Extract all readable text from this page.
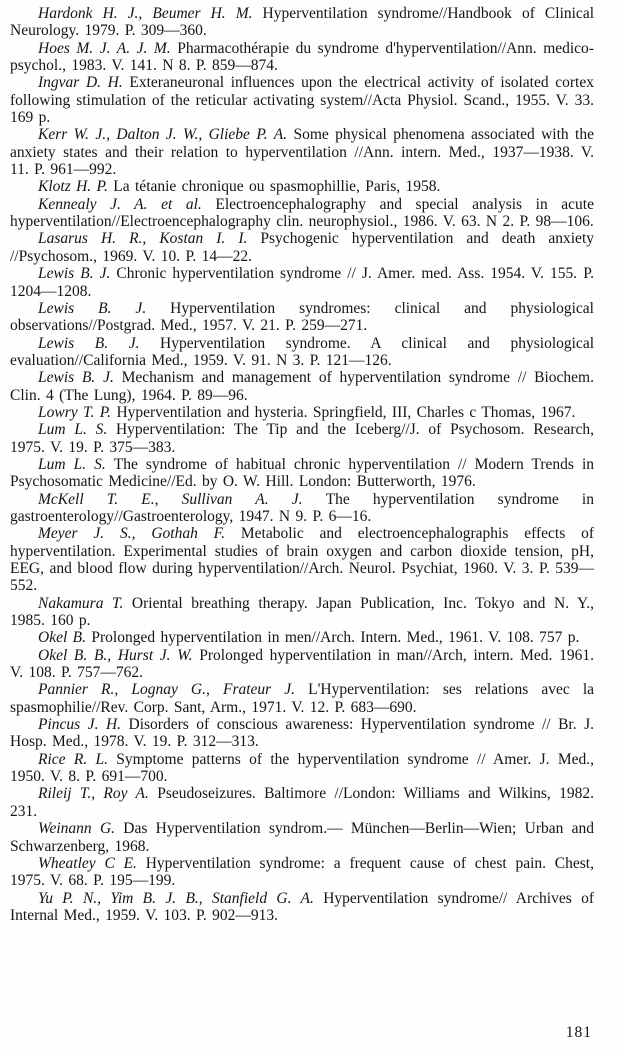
Hardonk H. J., Beumer H. M. Hyperventilation syndrome//Handbook of Clinical Neurology. 1979. P. 309—360.

Hoes M. J. A. J. M. Pharmacothérapie du syndrome d'hyperventilation//Ann. medico-psychol., 1983. V. 141. N 8. P. 859—874.

Ingvar D. H. Exteraneuronal influences upon the electrical activity of isolated cortex following stimulation of the reticular activating system//Acta Physiol. Scand., 1955. V. 33. 169 p.

Kerr W. J., Dalton J. W., Gliebe P. A. Some physical phenomena associated with the anxiety states and their relation to hyperventilation //Ann. intern. Med., 1937—1938. V. 11. P. 961—992.

Klotz H. P. La tétanie chronique ou spasmophillie, Paris, 1958.

Kennealy J. A. et al. Electroencephalography and special analysis in acute hyperventilation//Electroencephalography clin. neurophysiol., 1986. V. 63. N 2. P. 98—106.

Lasarus H. R., Kostan I. I. Psychogenic hyperventilation and death anxiety //Psychosom., 1969. V. 10. P. 14—22.

Lewis B. J. Chronic hyperventilation syndrome // J. Amer. med. Ass. 1954. V. 155. P. 1204—1208.

Lewis B. J. Hyperventilation syndromes: clinical and physiological observations//Postgrad. Med., 1957. V. 21. P. 259—271.

Lewis B. J. Hyperventilation syndrome. A clinical and physiological evaluation//California Med., 1959. V. 91. N 3. P. 121—126.

Lewis B. J. Mechanism and management of hyperventilation syndrome // Biochem. Clin. 4 (The Lung), 1964. P. 89—96.

Lowry T. P. Hyperventilation and hysteria. Springfield, III, Charles c Thomas, 1967.

Lum L. S. Hyperventilation: The Tip and the Iceberg//J. of Psychosom. Research, 1975. V. 19. P. 375—383.

Lum L. S. The syndrome of habitual chronic hyperventilation // Modern Trends in Psychosomatic Medicine//Ed. by O. W. Hill. London: Butterworth, 1976.

McKell T. E., Sullivan A. J. The hyperventilation syndrome in gastroenterology//Gastroenterology, 1947. N 9. P. 6—16.

Meyer J. S., Gothah F. Metabolic and electroencephalographis effects of hyperventilation. Experimental studies of brain oxygen and carbon dioxide tension, pH, EEG, and blood flow during hyperventilation//Arch. Neurol. Psychiat, 1960. V. 3. P. 539—552.

Nakamura T. Oriental breathing therapy. Japan Publication, Inc. Tokyo and N. Y., 1985. 160 p.

Okel B. Prolonged hyperventilation in men//Arch. Intern. Med., 1961. V. 108. 757 p.

Okel B. B., Hurst J. W. Prolonged hyperventilation in man//Arch, intern. Med. 1961. V. 108. P. 757—762.

Pannier R., Lognay G., Frateur J. L'Hyperventilation: ses relations avec la spasmophilie//Rev. Corp. Sant, Arm., 1971. V. 12. P. 683—690.

Pincus J. H. Disorders of conscious awareness: Hyperventilation syndrome // Br. J. Hosp. Med., 1978. V. 19. P. 312—313.

Rice R. L. Symptome patterns of the hyperventilation syndrome // Amer. J. Med., 1950. V. 8. P. 691—700.

Rileij T., Roy A. Pseudoseizures. Baltimore //London: Williams and Wilkins, 1982. 231.

Weinann G. Das Hyperventilation syndrom.— München—Berlin—Wien; Urban and Schwarzenberg, 1968.

Wheatley C E. Hyperventilation syndrome: a frequent cause of chest pain. Chest, 1975. V. 68. P. 195—199.

Yu P. N., Yim B. J. B., Stanfield G. A. Hyperventilation syndrome// Archives of Internal Med., 1959. V. 103. P. 902—913.

181
